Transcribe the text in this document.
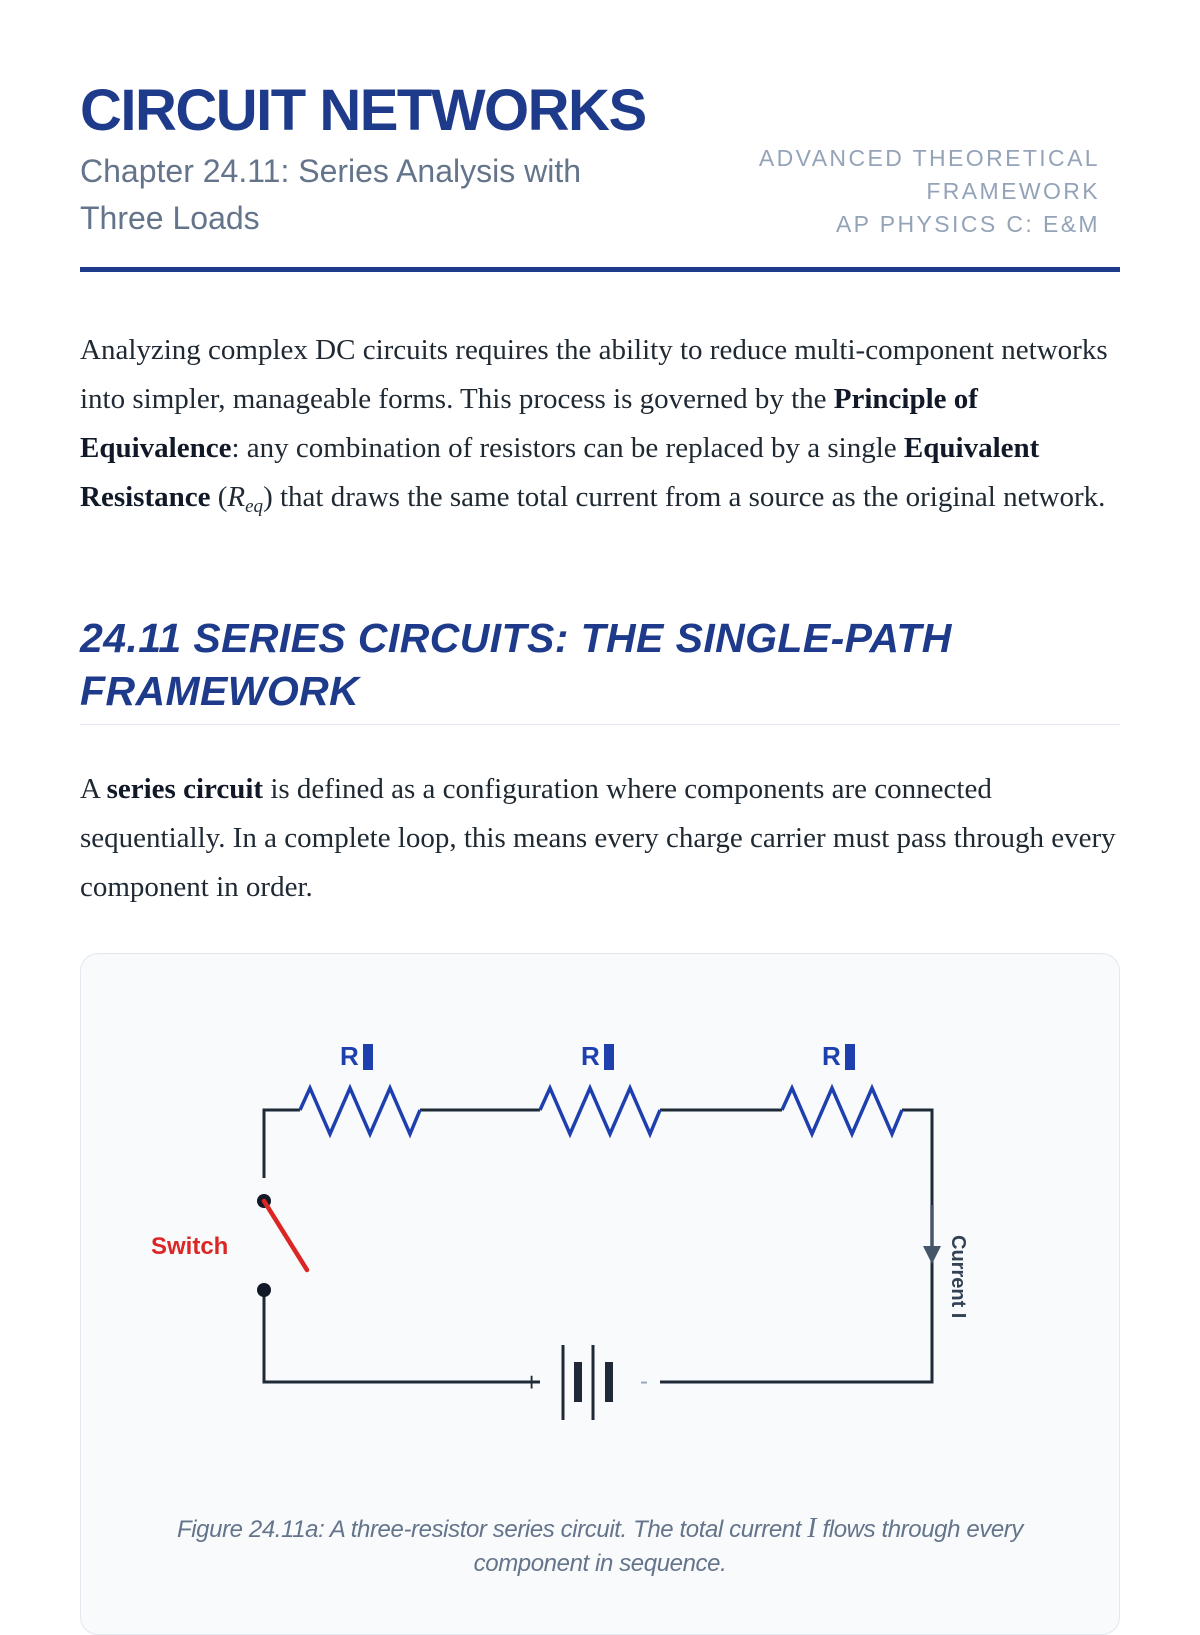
CIRCUIT NETWORKS

Chapter 24.11: Series Analysis with Three Loads

ADVANCED THEORETICAL FRAMEWORK
AP PHYSICS C: E&M

Analyzing complex DC circuits requires the ability to reduce multi-component networks into simpler, manageable forms. This process is governed by the Principle of Equivalence: any combination of resistors can be replaced by a single Equivalent Resistance $(R_{eq})$ that draws the same total current from a source as the original network.

24.11 SERIES CIRCUITS: THE SINGLE-PATH FRAMEWORK

A series circuit is defined as a configuration where components are connected sequentially. In a complete loop, this means every charge carrier must pass through every component in order.

R	R	R
Switch
+	-
Current I

Figure 24.11a: A three-resistor series circuit. The total current I flows through every component in sequence.
